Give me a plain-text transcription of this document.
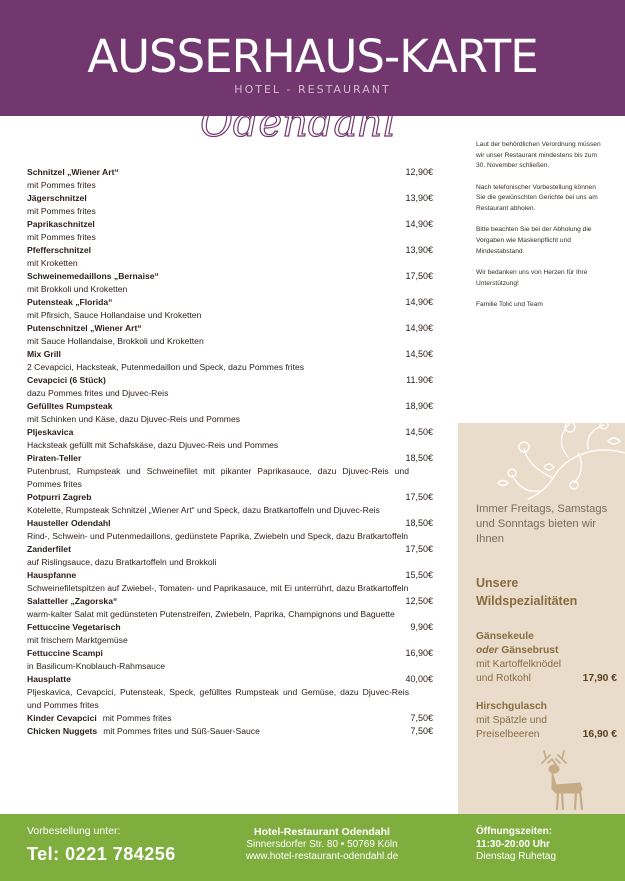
AUSSERHAUS-KARTE
HOTEL - RESTAURANT
Odendahl
Schnitzel „Wiener Art“	12,90€
mit Pommes frites
Jägerschnitzel	13,90€
mit Pommes frites
Paprikaschnitzel	14,90€
mit Pommes frites
Pfefferschnitzel	13,90€
mit Kroketten
Schweinemedaillons „Bernaise“	17,50€
mit Brokkoli und Kroketten
Putensteak „Florida“	14,90€
mit Pfirsich, Sauce Hollandaise und Kroketten
Putenschnitzel „Wiener Art“	14,90€
mit Sauce Hollandaise, Brokkoli und Kroketten
Mix Grill	14,50€
2 Cevapcici, Hacksteak, Putenmedaillon und Speck, dazu Pommes frites
Cevapcici (6 Stück)	11.90€
dazu Pommes frites und Djuvec-Reis
Gefülltes Rumpsteak	18,90€
mit Schinken und Käse, dazu Djuvec-Reis und Pommes
Pljeskavica	14,50€
Hacksteak gefüllt mit Schafskäse, dazu Djuvec-Reis und Pommes
Piraten-Teller	18,50€
Putenbrust, Rumpsteak und Schweinefilet mit pikanter Paprikasauce, dazu Djuvec-Reis und Pommes frites
Potpurri Zagreb	17,50€
Kotelette, Rumpsteak Schnitzel „Wiener Art“ und Speck, dazu Bratkartoffeln und Djuvec-Reis
Hausteller Odendahl	18,50€
Rind-, Schwein- und Putenmedaillons, gedünstete Paprika, Zwiebeln und Speck, dazu Bratkartoffeln
Zanderfilet	17,50€
auf Rislingsauce, dazu Bratkartoffeln und Brokkoli
Hauspfanne	15,50€
Schweinefiletspitzen auf Zwiebel-, Tomaten- und Paprikasauce, mit Ei unterrührt, dazu Bratkartoffeln
Salatteller „Zagorska“	12,50€
warm-kalter Salat mit gedünsteten Putenstreifen, Zwiebeln, Paprika, Champignons und Baguette
Fettuccine Vegetarisch	9,90€
mit frischem Marktgemüse
Fettuccine Scampi	16,90€
in Basilicum-Knoblauch-Rahmsauce
Hausplatte	40,00€
Pljeskavica, Cevapcici, Putensteak, Speck, gefülltes Rumpsteak und Gemüse, dazu Djuvec-Reis und Pommes frites
Kinder Cevapcici mit Pommes frites	7,50€
Chicken Nuggets mit Pommes frites und Süß-Sauer-Sauce	7,50€

Laut der behördlichen Verordnung müssen wir unser Restaurant mindestens bis zum 30. November schließen.

Nach telefonischer Vorbestellung können Sie die gewünschten Gerichte bei uns am Restaurant abholen.

Bitte beachten Sie bei der Abholung die Vorgaben wie Maskenpflicht und Mindestabstand.

Wir bedanken uns von Herzen für Ihre Unterstützung!

Familie Tolić und Team

Immer Freitags, Samstags und Sonntags bieten wir Ihnen
Unsere Wildspezialitäten
Gänsekeule
oder Gänsebrust
mit Kartoffelknödel und Rotkohl	17,90 €
Hirschgulasch
mit Spätzle und Preiselbeeren	16,90 €
Vorbestellung unter:
Tel: 0221 784256
Hotel-Restaurant Odendahl
Sinnersdorfer Str. 80 • 50769 Köln
www.hotel-restaurant-odendahl.de
Öffnungszeiten:
11:30-20:00 Uhr
Dienstag Ruhetag
